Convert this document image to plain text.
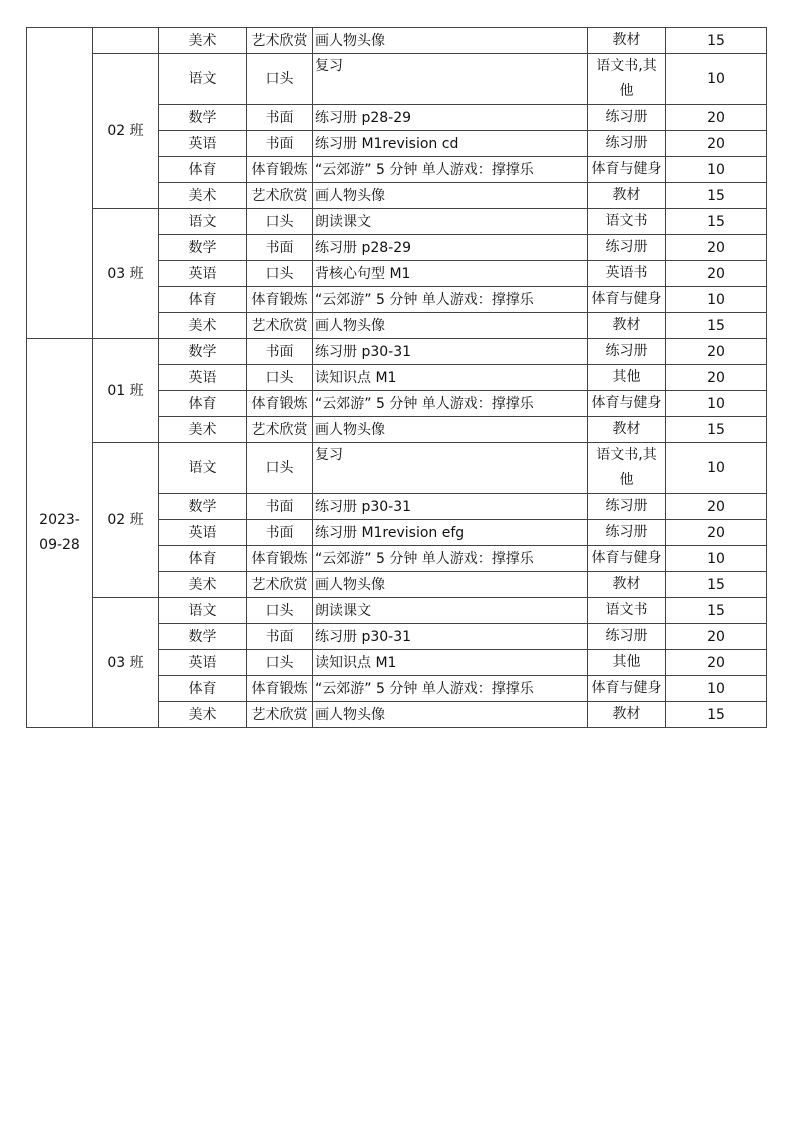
		美术	艺术欣赏	画人物头像	教材	15
	02 班	语文	口头	复习	语文书,其他	10
		数学	书面	练习册 p28-29	练习册	20
		英语	书面	练习册 M1revision cd	练习册	20
		体育	体育锻炼	“云郊游” 5 分钟 单人游戏：撑撑乐	体育与健身	10
		美术	艺术欣赏	画人物头像	教材	15
	03 班	语文	口头	朗读课文	语文书	15
		数学	书面	练习册 p28-29	练习册	20
		英语	口头	背核心句型 M1	英语书	20
		体育	体育锻炼	“云郊游” 5 分钟 单人游戏：撑撑乐	体育与健身	10
		美术	艺术欣赏	画人物头像	教材	15
2023-09-28	01 班	数学	书面	练习册 p30-31	练习册	20
		英语	口头	读知识点 M1	其他	20
		体育	体育锻炼	“云郊游” 5 分钟 单人游戏：撑撑乐	体育与健身	10
		美术	艺术欣赏	画人物头像	教材	15
	02 班	语文	口头	复习	语文书,其他	10
		数学	书面	练习册 p30-31	练习册	20
		英语	书面	练习册 M1revision efg	练习册	20
		体育	体育锻炼	“云郊游” 5 分钟 单人游戏：撑撑乐	体育与健身	10
		美术	艺术欣赏	画人物头像	教材	15
	03 班	语文	口头	朗读课文	语文书	15
		数学	书面	练习册 p30-31	练习册	20
		英语	口头	读知识点 M1	其他	20
		体育	体育锻炼	“云郊游” 5 分钟 单人游戏：撑撑乐	体育与健身	10
		美术	艺术欣赏	画人物头像	教材	15
